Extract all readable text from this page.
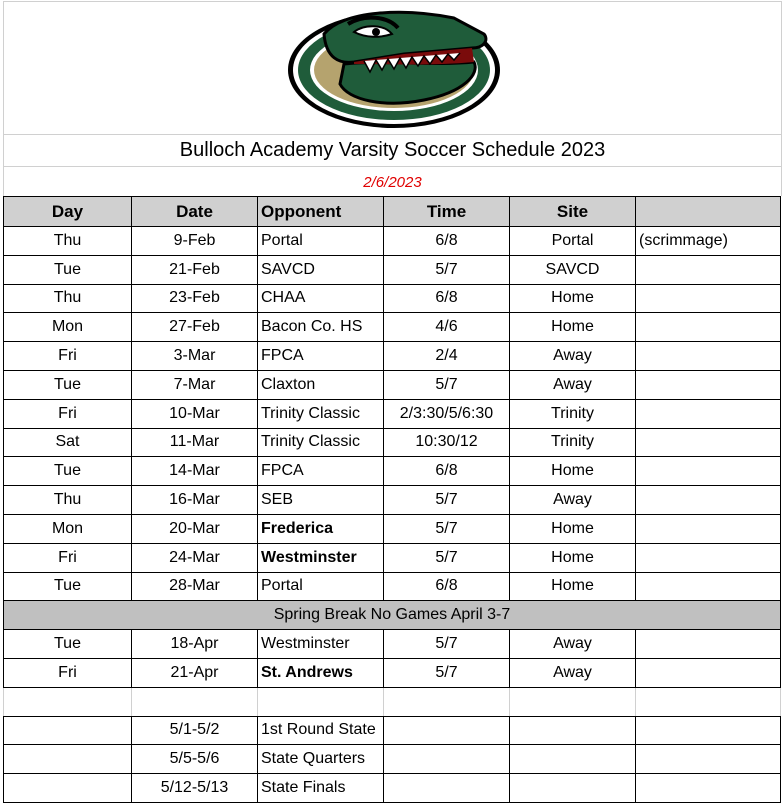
Bulloch Academy Varsity Soccer Schedule 2023
2/6/2023
Day	Date	Opponent	Time	Site	
Thu	9-Feb	Portal	6/8	Portal	(scrimmage)
Tue	21-Feb	SAVCD	5/7	SAVCD	
Thu	23-Feb	CHAA	6/8	Home	
Mon	27-Feb	Bacon Co. HS	4/6	Home	
Fri	3-Mar	FPCA	2/4	Away	
Tue	7-Mar	Claxton	5/7	Away	
Fri	10-Mar	Trinity Classic	2/3:30/5/6:30	Trinity	
Sat	11-Mar	Trinity Classic	10:30/12	Trinity	
Tue	14-Mar	FPCA	6/8	Home	
Thu	16-Mar	SEB	5/7	Away	
Mon	20-Mar	Frederica	5/7	Home	
Fri	24-Mar	Westminster	5/7	Home	
Tue	28-Mar	Portal	6/8	Home	
Spring Break No Games April 3-7					
Tue	18-Apr	Westminster	5/7	Away	
Fri	21-Apr	St. Andrews	5/7	Away	

	5/1-5/2	1st Round State			
	5/5-5/6	State Quarters			
	5/12-5/13	State Finals			
